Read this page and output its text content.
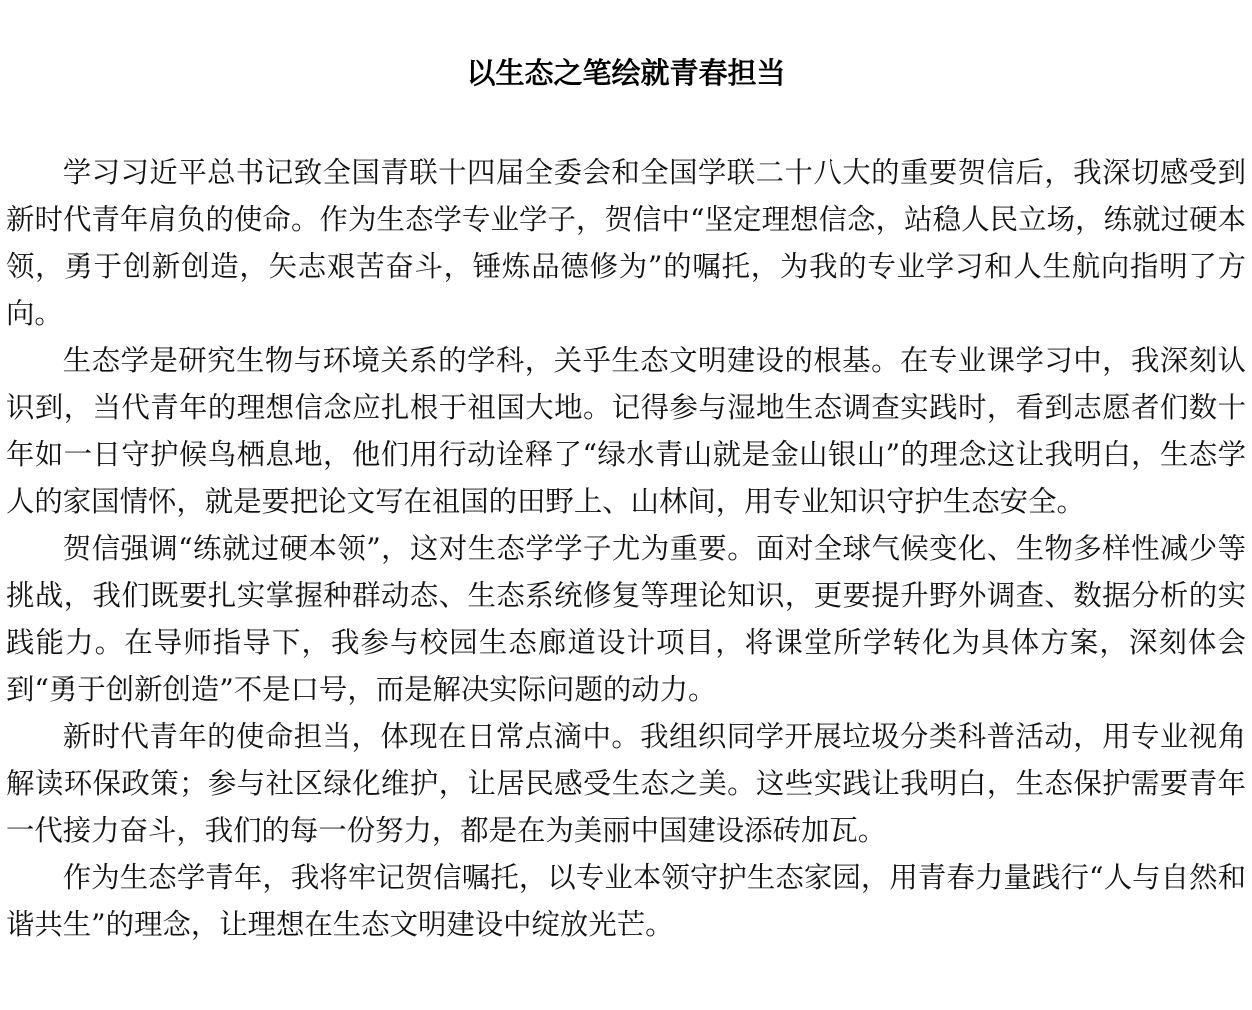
以生态之笔绘就青春担当

学习习近平总书记致全国青联十四届全委会和全国学联二十八大的重要贺信后，我深切感受到新时代青年肩负的使命。作为生态学专业学子，贺信中“坚定理想信念，站稳人民立场，练就过硬本领，勇于创新创造，矢志艰苦奋斗，锤炼品德修为”的嘱托，为我的专业学习和人生航向指明了方向。

生态学是研究生物与环境关系的学科，关乎生态文明建设的根基。在专业课学习中，我深刻认识到，当代青年的理想信念应扎根于祖国大地。记得参与湿地生态调查实践时，看到志愿者们数十年如一日守护候鸟栖息地，他们用行动诠释了“绿水青山就是金山银山”的理念这让我明白，生态学人的家国情怀，就是要把论文写在祖国的田野上、山林间，用专业知识守护生态安全。

贺信强调“练就过硬本领”，这对生态学学子尤为重要。面对全球气候变化、生物多样性减少等挑战，我们既要扎实掌握种群动态、生态系统修复等理论知识，更要提升野外调查、数据分析的实践能力。在导师指导下，我参与校园生态廊道设计项目，将课堂所学转化为具体方案，深刻体会到“勇于创新创造”不是口号，而是解决实际问题的动力。

新时代青年的使命担当，体现在日常点滴中。我组织同学开展垃圾分类科普活动，用专业视角解读环保政策；参与社区绿化维护，让居民感受生态之美。这些实践让我明白，生态保护需要青年一代接力奋斗，我们的每一份努力，都是在为美丽中国建设添砖加瓦。

作为生态学青年，我将牢记贺信嘱托，以专业本领守护生态家园，用青春力量践行“人与自然和谐共生”的理念，让理想在生态文明建设中绽放光芒。
